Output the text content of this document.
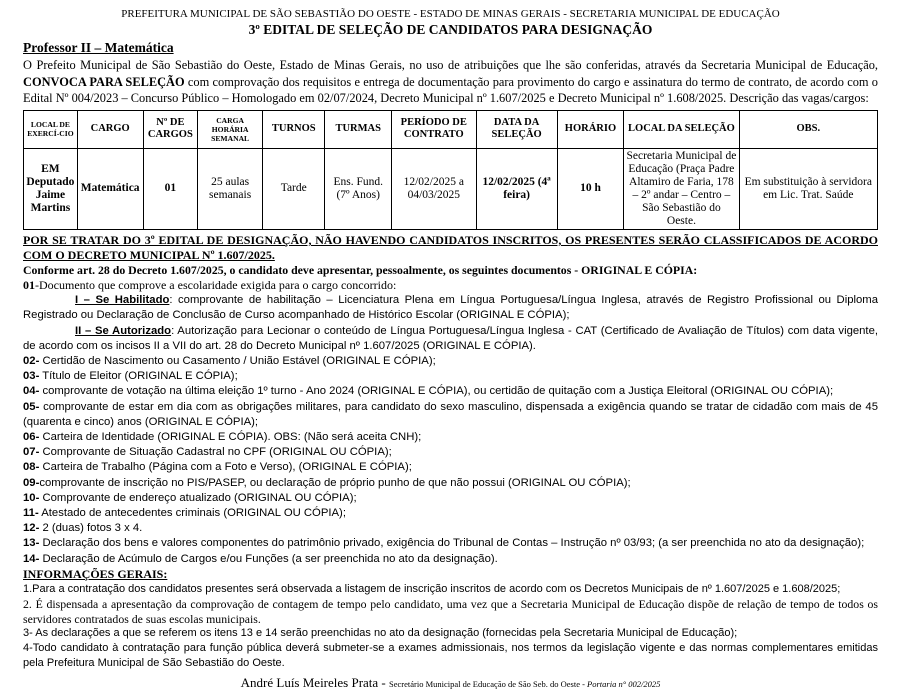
PREFEITURA MUNICIPAL DE SÃO SEBASTIÃO DO OESTE - ESTADO DE MINAS GERAIS - SECRETARIA MUNICIPAL DE EDUCAÇÃO
3º EDITAL DE SELEÇÃO DE CANDIDATOS PARA DESIGNAÇÃO
Professor II – Matemática

O Prefeito Municipal de São Sebastião do Oeste, Estado de Minas Gerais, no uso de atribuições que lhe são conferidas, através da Secretaria Municipal de Educação, CONVOCA PARA SELEÇÃO com comprovação dos requisitos e entrega de documentação para provimento do cargo e assinatura do termo de contrato, de acordo com o Edital Nº 004/2023 – Concurso Público – Homologado em 02/07/2024, Decreto Municipal nº 1.607/2025 e Decreto Municipal nº 1.608/2025. Descrição das vagas/cargos:

LOCAL DE EXERCÍ-CIO	CARGO	Nº DE CARGOS	CARGA HORÁRIA SEMANAL	TURNOS	TURMAS	PERÍODO DE CONTRATO	DATA DA SELEÇÃO	HORÁRIO	LOCAL DA SELEÇÃO	OBS.
EM Deputado Jaime Martins	Matemática	01	25 aulas semanais	Tarde	Ens. Fund. (7º Anos)	12/02/2025 a 04/03/2025	12/02/2025 (4ª feira)	10 h	Secretaria Municipal de Educação (Praça Padre Altamiro de Faria, 178 – 2º andar – Centro – São Sebastião do Oeste.	Em substituição à servidora em Lic. Trat. Saúde

POR SE TRATAR DO 3º EDITAL DE DESIGNAÇÃO, NÃO HAVENDO CANDIDATOS INSCRITOS, OS PRESENTES SERÃO CLASSIFICADOS DE ACORDO COM O DECRETO MUNICIPAL Nº 1.607/2025.

Conforme art. 28 do Decreto 1.607/2025, o candidato deve apresentar, pessoalmente, os seguintes documentos - ORIGINAL E CÓPIA:

01-Documento que comprove a escolaridade exigida para o cargo concorrido:

I – Se Habilitado: comprovante de habilitação – Licenciatura Plena em Língua Portuguesa/Língua Inglesa, através de Registro Profissional ou Diploma Registrado ou Declaração de Conclusão de Curso acompanhado de Histórico Escolar (ORIGINAL E CÓPIA);

II – Se Autorizado: Autorização para Lecionar o conteúdo de Língua Portuguesa/Língua Inglesa - CAT (Certificado de Avaliação de Títulos) com data vigente, de acordo com os incisos II a VII do art. 28 do Decreto Municipal nº 1.607/2025 (ORIGINAL E CÓPIA).

02- Certidão de Nascimento ou Casamento / União Estável (ORIGINAL E CÓPIA);

03- Título de Eleitor (ORIGINAL E CÓPIA);

04- comprovante de votação na última eleição 1º turno - Ano 2024 (ORIGINAL E CÓPIA), ou certidão de quitação com a Justiça Eleitoral (ORIGINAL OU CÓPIA);

05- comprovante de estar em dia com as obrigações militares, para candidato do sexo masculino, dispensada a exigência quando se tratar de cidadão com mais de 45 (quarenta e cinco) anos (ORIGINAL E CÓPIA);

06- Carteira de Identidade (ORIGINAL E CÓPIA). OBS: (Não será aceita CNH);

07- Comprovante de Situação Cadastral no CPF (ORIGINAL OU CÓPIA);

08- Carteira de Trabalho (Página com a Foto e Verso), (ORIGINAL E CÓPIA);

09-comprovante de inscrição no PIS/PASEP, ou declaração de próprio punho de que não possui (ORIGINAL OU CÓPIA);

10- Comprovante de endereço atualizado (ORIGINAL OU CÓPIA);

11- Atestado de antecedentes criminais (ORIGINAL OU CÓPIA);

12- 2 (duas) fotos 3 x 4.

13- Declaração dos bens e valores componentes do patrimônio privado, exigência do Tribunal de Contas – Instrução nº 03/93; (a ser preenchida no ato da designação);

14- Declaração de Acúmulo de Cargos e/ou Funções (a ser preenchida no ato da designação).

INFORMAÇÕES GERAIS:

1.Para a contratação dos candidatos presentes será observada a listagem de inscrição inscritos de acordo com os Decretos Municipais de nº 1.607/2025 e 1.608/2025;

2. É dispensada a apresentação da comprovação de contagem de tempo pelo candidato, uma vez que a Secretaria Municipal de Educação dispõe de relação de tempo de todos os servidores contratados de suas escolas municipais.

3- As declarações a que se referem os itens 13 e 14 serão preenchidas no ato da designação (fornecidas pela Secretaria Municipal de Educação);

4-Todo candidato à contratação para função pública deverá submeter-se a exames admissionais, nos termos da legislação vigente e das normas complementares emitidas pela Prefeitura Municipal de São Sebastião do Oeste.

André Luís Meireles Prata - Secretário Municipal de Educação de São Seb. do Oeste - Portaria n° 002/2025
